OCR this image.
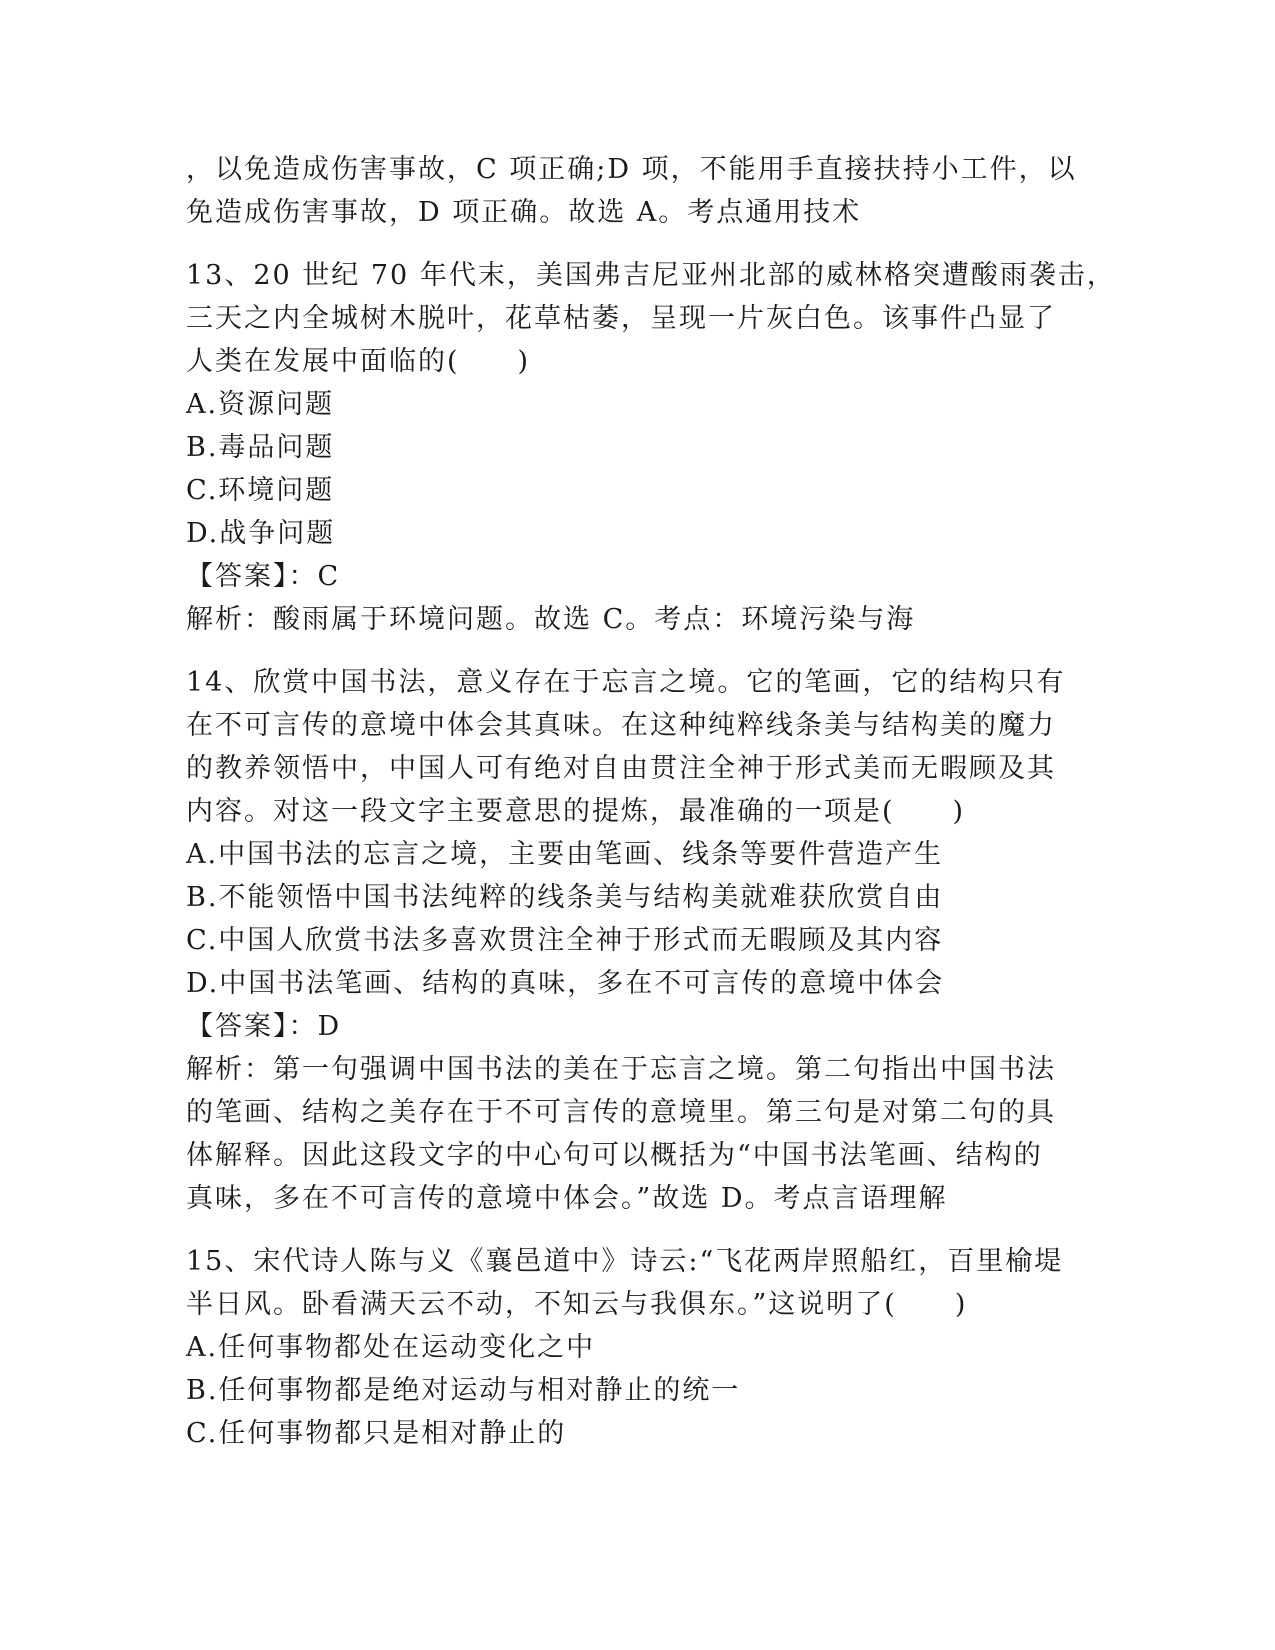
，以免造成伤害事故，C 项正确;D 项，不能用手直接扶持小工件，以
免造成伤害事故，D 项正确。故选 A。考点通用技术
13、20 世纪 70 年代末，美国弗吉尼亚州北部的威林格突遭酸雨袭击，
三天之内全城树木脱叶，花草枯萎，呈现一片灰白色。该事件凸显了
人类在发展中面临的(　　)
A.资源问题
B.毒品问题
C.环境问题
D.战争问题
【答案】：C
解析：酸雨属于环境问题。故选 C。考点：环境污染与海
14、欣赏中国书法，意义存在于忘言之境。它的笔画，它的结构只有
在不可言传的意境中体会其真味。在这种纯粹线条美与结构美的魔力
的教养领悟中，中国人可有绝对自由贯注全神于形式美而无暇顾及其
内容。对这一段文字主要意思的提炼，最准确的一项是(　　)
A.中国书法的忘言之境，主要由笔画、线条等要件营造产生
B.不能领悟中国书法纯粹的线条美与结构美就难获欣赏自由
C.中国人欣赏书法多喜欢贯注全神于形式而无暇顾及其内容
D.中国书法笔画、结构的真味，多在不可言传的意境中体会
【答案】：D
解析：第一句强调中国书法的美在于忘言之境。第二句指出中国书法
的笔画、结构之美存在于不可言传的意境里。第三句是对第二句的具
体解释。因此这段文字的中心句可以概括为“中国书法笔画、结构的
真味，多在不可言传的意境中体会。”故选 D。考点言语理解
15、宋代诗人陈与义《襄邑道中》诗云:“飞花两岸照船红，百里榆堤
半日风。卧看满天云不动，不知云与我俱东。”这说明了(　　)
A.任何事物都处在运动变化之中
B.任何事物都是绝对运动与相对静止的统一
C.任何事物都只是相对静止的
